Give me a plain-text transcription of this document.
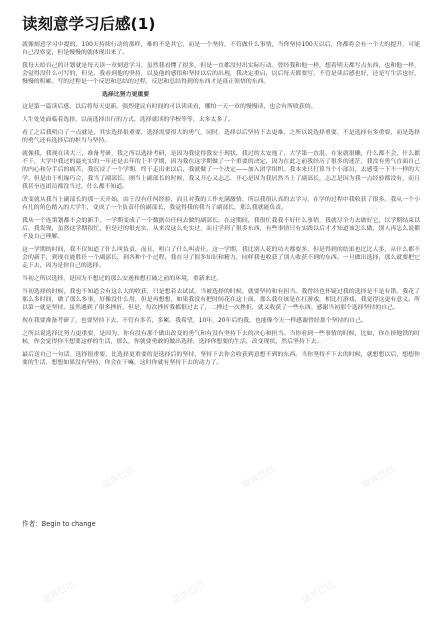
读刻意学习后感(1)

就像刻意学习中提的，100天持续行动的那样，难的不是其它，而是一个坚持，不管做什么事情，当你坚持100天以后，你都将会有一个大的提升，可能自己没察觉，但是慢慢的就体现出来了。

我每天给自己的计划就是每天读一章刻意学习，虽然我看懂了很多，但是一直都没付出实际行动。曾经我和他一样，想着明天都写点东西，也和他一样，会觉得没什么可写的，但是，我看到他的坚持，以及他的感悟和坚持以后的出现，我决定重启，以后每天都要写，不管是读后感也好，还是写生活也好，慢慢的积累。写的过程是一个反思和总结的过程，反思和总结得到的东西才是真正领悟的东西。

选择比努力更重要

这是第一篇读后感，以后将每天更新。强烈建议有时间的可以读读看，哪怕一天一章的慢慢读，也会有所收获的。

人生处处面临着选择，以前选择出行的方式，选择就读的学校等等，太多太多了。

看了之后我明白了一点就是，其实选择很重要，选择需要很大的勇气，同时，选择以后坚持下去更难，之所以说选择重要，不是选择有多重要，而是选择的勇气还有选择后的担当与坚持。

就像我，我现在读大三，准备考研，我之所以选择考研，是因为我觉得我安于现状，我过的太安逸了，大学第一直混，在家就很懒，什么都不会，什么都不干，大学中我过的最充实的一年还是去年的上半学期，因为我在这学期做了一个重要的决定，因为在此之前我经历了很多的迷茫，我没有勇气直面自己的内心和分手后的痛苦，我沉浸了一个学期，终于走出来以后，我就做了一个决定——加入团学组织。我本来只打算当个小部员，去感受一下不一样的大学，但是由于机缘巧合，我当了副部长，刚当上副部长的时候，我又开心又忐忑，开心是因为我居然当上了副部长，忐忑是因为我一点经验都没有，而且我甚至连团员都没当过，什么都不知道。

改变就从我当上副部长的那一天开始。由于没有任何经验，而且对我的工作充满激情，所以我很认真的去学习，在学的过程中我收获了很多。我从一个小有儿的角色踏入的大学生，变成了一个负责任的副部长，我觉得我的我当了副部长，那么我就能负责。

我从一个连策划都不会的新手，一学期变成了一个数据员任何去做的副部长。在这期间，我很忙我我不好什么事情，我就尽全力去做好它，以学期结束以后，我发现，虽然这学期很忙，但是过的很充实，从来没这么充实过，而且学到了很多东西，有些事情只有实践以后才才知道该怎么做，别人再怎么说都不及自己理解。

这一学期的时间，我不仅知道了什么叫负责，而且，明白了什么叫责任。这一学期，我比别人花的功夫都要多，但是得到的结果也比比人多，从什么都不会的新手，到现在能胜任一个副部长，到各种个个过程，我在习了很多知识和精力，同样我也收获了别人收获不到的东西。一旦做出选择，那么就要把它走下去，因为是你自己的选择。

当初之所以选择，是因为不想过的那么安逸和想打破之前的环境，重新来过。

当初选择的时候，我也不知道会有这么大的收获，只是想着去试试。当被选择的时候，就要坚持和有担当。我曾经也怀疑过我的选择是不是有错，我花了那么多时间，做了那么多事，好像没什么用，但是再想想，如果我没有把时间花在这上面，那么我在该是在打游戏，相比打游戏，我觉得这更有意义。所以第一就是坚持，虽然遇到了很多挫折，但是，每次挫折我都很过去了，二挫过一次挫折，就又收获了一些东西。感谢当初那个选择坚持的自己。

现在我要准备考研了，也要坚持下去，不管有多苦，多累。我希望，10年，20年后的我，也能像今天一样感谢曾经那个坚持的自己。

之所以说选择比努力更重要，是因为，你有没有那个做出改变的勇气和有没有坚持下去的决心和担当。当你看到一些事情的时候，比如，你在挤地铁的时候，你会觉得你不想要这样的生活，那么，你就要勇敢的做出选择，选择你想要的生活，改变现状，然后坚持下去。

最后送自己一句话，选择很重要，比选择更重要的是选择后的坚持，坚持下去你会收获到意想不到的东西。当你坚持不下去的时候，就想想以后，想想你要的生活，想想如果没有坚持，你会在干嘛，这时你就有坚持下去的动力了。

作者：Begin to change
道客巴巴	道客巴巴	道客巴巴
道客巴巴	道客巴巴	道客巴巴
道客巴巴	道客巴巴	道客巴巴
道客巴巴	道客巴巴	道客巴巴
道客巴巴	道客巴巴	道客巴巴
